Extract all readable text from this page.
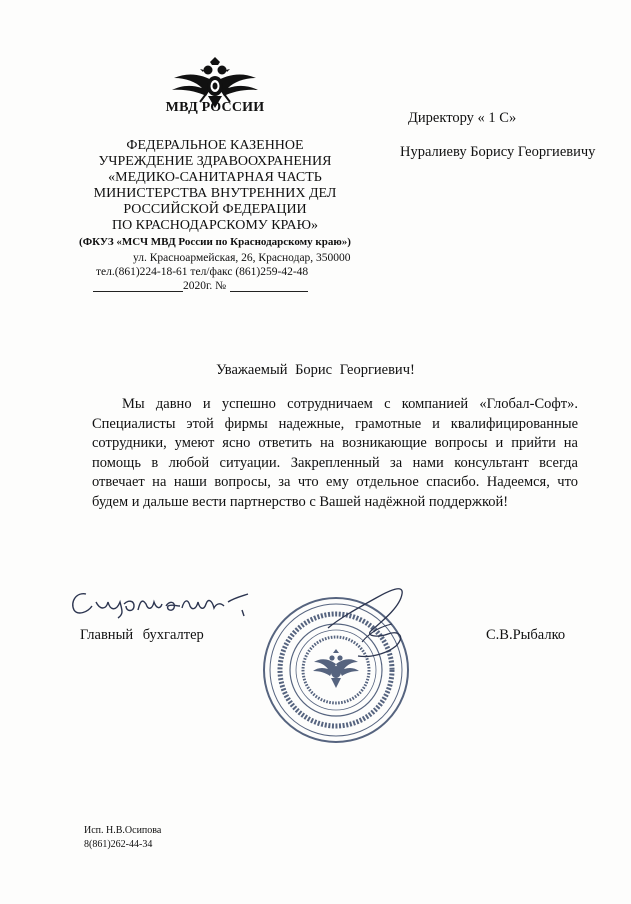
МВД РОССИИ
ФЕДЕРАЛЬНОЕ КАЗЕННОЕ
УЧРЕЖДЕНИЕ ЗДРАВООХРАНЕНИЯ
«МЕДИКО-САНИТАРНАЯ ЧАСТЬ
МИНИСТЕРСТВА ВНУТРЕННИХ ДЕЛ
РОССИЙСКОЙ ФЕДЕРАЦИИ
ПО КРАСНОДАРСКОМУ КРАЮ»
(ФКУЗ «МСЧ МВД России по Краснодарскому краю»)
ул. Красноармейская, 26, Краснодар, 350000
тел.(861)224-18-61 тел/факс (861)259-42-48
2020г. №
Директору « 1 С»
Нуралиеву Борису Георгиевичу
Уважаемый Борис Георгиевич!
Мы давно и успешно сотрудничаем с компанией «Глобал-Софт». Специалисты этой фирмы надежные, грамотные и квалифицированные сотрудники, умеют ясно ответить на возникающие вопросы и прийти на помощь в любой ситуации. Закрепленный за нами консультант всегда отвечает на наши вопросы, за что ему отдельное спасибо. Надеемся, что будем и дальше вести партнерство с Вашей надёжной поддержкой!
Главный бухгалтер	С.В.Рыбалко
Исп. Н.В.Осипова
8(861)262-44-34
